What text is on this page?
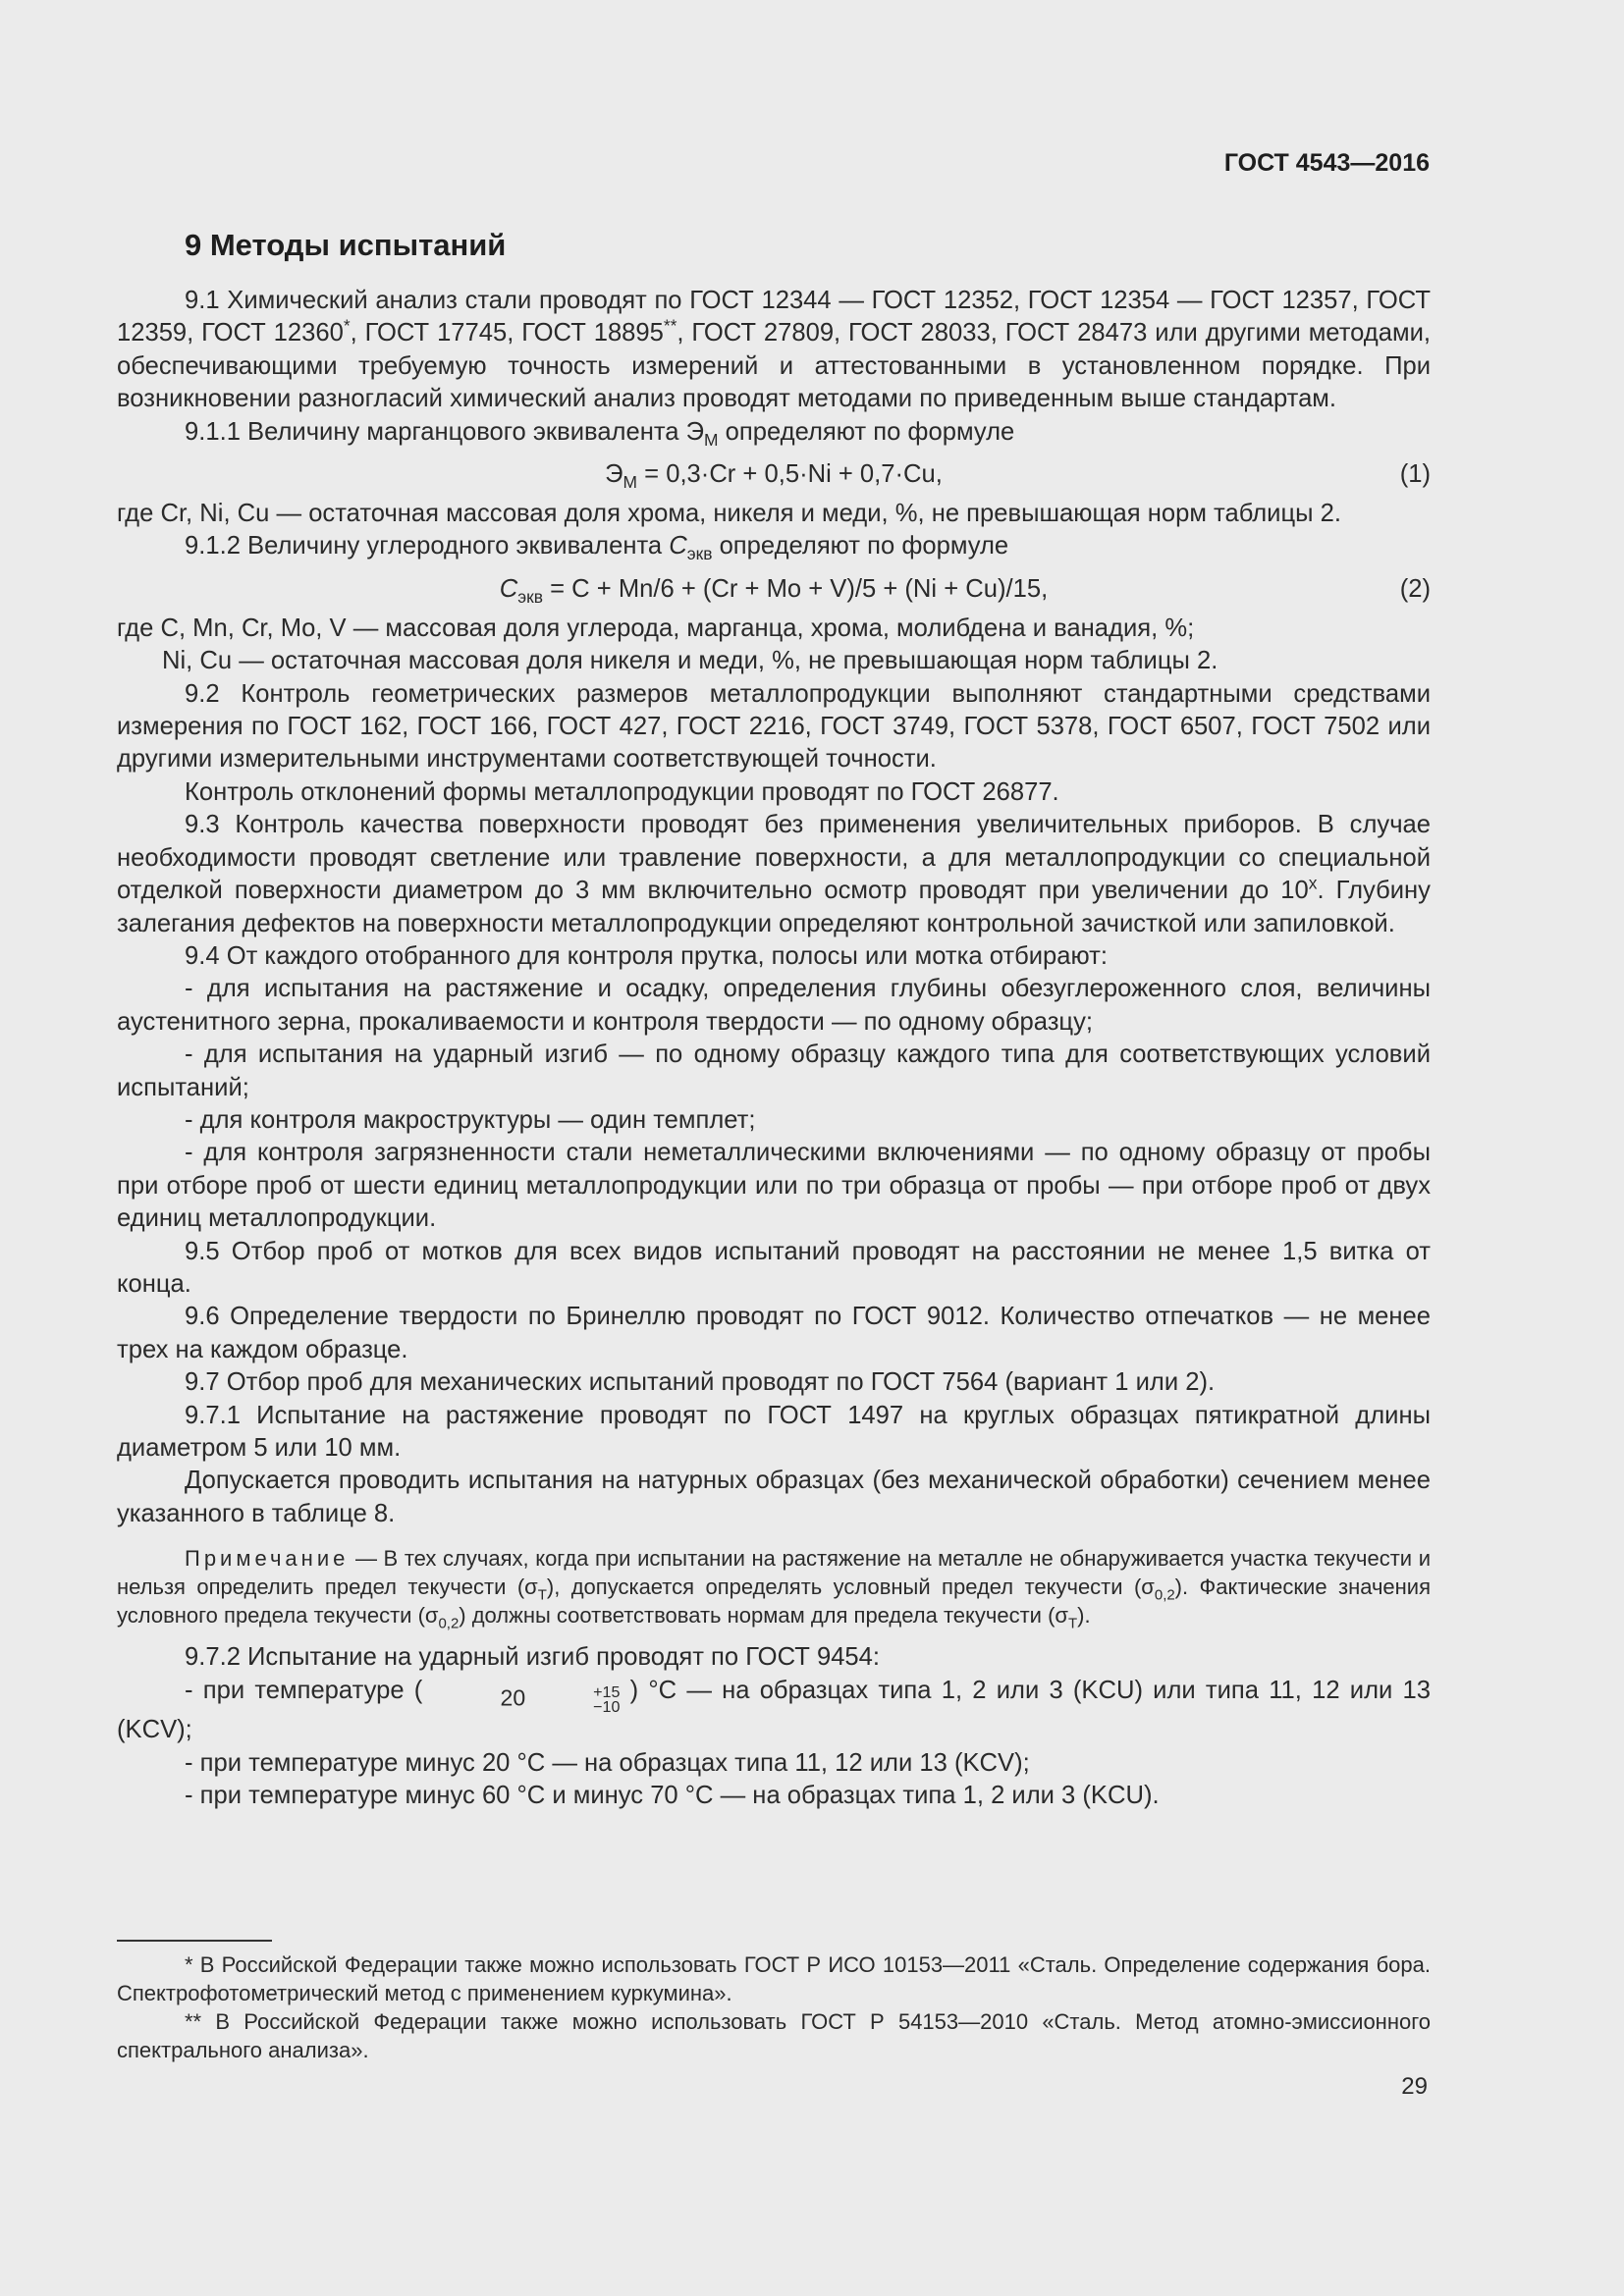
ГОСТ 4543—2016
9 Методы испытаний

9.1 Химический анализ стали проводят по ГОСТ 12344 — ГОСТ 12352, ГОСТ 12354 — ГОСТ 12357, ГОСТ 12359, ГОСТ 12360*, ГОСТ 17745, ГОСТ 18895**, ГОСТ 27809, ГОСТ 28033, ГОСТ 28473 или другими методами, обеспечивающими требуемую точность измерений и аттестованными в установленном порядке. При возникновении разногласий химический анализ проводят методами по приведенным выше стандартам.

9.1.1 Величину марганцового эквивалента $Э_М$ определяют по формуле

$Э_М = 0,3\cdot Cr + 0,5\cdot Ni + 0,7\cdot Cu$,	(1)

где Cr, Ni, Cu — остаточная массовая доля хрома, никеля и меди, %, не превышающая норм таблицы 2.

9.1.2 Величину углеродного эквивалента $C_{экв}$ определяют по формуле

$C_{экв} = C + Mn/6 + (Cr + Mo + V)/5 + (Ni + Cu)/15$,	(2)

где C, Mn, Cr, Mo, V — массовая доля углерода, марганца, хрома, молибдена и ванадия, %;

Ni, Cu — остаточная массовая доля никеля и меди, %, не превышающая норм таблицы 2.

9.2 Контроль геометрических размеров металлопродукции выполняют стандартными средствами измерения по ГОСТ 162, ГОСТ 166, ГОСТ 427, ГОСТ 2216, ГОСТ 3749, ГОСТ 5378, ГОСТ 6507, ГОСТ 7502 или другими измерительными инструментами соответствующей точности.

Контроль отклонений формы металлопродукции проводят по ГОСТ 26877.

9.3 Контроль качества поверхности проводят без применения увеличительных приборов. В случае необходимости проводят светление или травление поверхности, а для металлопродукции со специальной отделкой поверхности диаметром до 3 мм включительно осмотр проводят при увеличении до $10^х$. Глубину залегания дефектов на поверхности металлопродукции определяют контрольной зачисткой или запиловкой.

9.4 От каждого отобранного для контроля прутка, полосы или мотка отбирают:

- для испытания на растяжение и осадку, определения глубины обезуглероженного слоя, величины аустенитного зерна, прокаливаемости и контроля твердости — по одному образцу;

- для испытания на ударный изгиб — по одному образцу каждого типа для соответствующих условий испытаний;

- для контроля макроструктуры — один темплет;

- для контроля загрязненности стали неметаллическими включениями — по одному образцу от пробы при отборе проб от шести единиц металлопродукции или по три образца от пробы — при отборе проб от двух единиц металлопродукции.

9.5 Отбор проб от мотков для всех видов испытаний проводят на расстоянии не менее 1,5 витка от конца.

9.6 Определение твердости по Бринеллю проводят по ГОСТ 9012. Количество отпечатков — не менее трех на каждом образце.

9.7 Отбор проб для механических испытаний проводят по ГОСТ 7564 (вариант 1 или 2).

9.7.1 Испытание на растяжение проводят по ГОСТ 1497 на круглых образцах пятикратной длины диаметром 5 или 10 мм.

Допускается проводить испытания на натурных образцах (без механической обработки) сечением менее указанного в таблице 8.

Примечание — В тех случаях, когда при испытании на растяжение на металле не обнаруживается участка текучести и нельзя определить предел текучести $(\sigma_Т)$, допускается определять условный предел текучести $(\sigma_{0,2})$. Фактические значения условного предела текучести $(\sigma_{0,2})$ должны соответствовать нормам для предела текучести $(\sigma_Т)$.

9.7.2 Испытание на ударный изгиб проводят по ГОСТ 9454:

- при температуре (	20	+15
−10
) °C — на образцах типа 1, 2 или 3 (KCU) или типа 11, 12 или 13 (KCV);

- при температуре минус 20 °C — на образцах типа 11, 12 или 13 (KCV);

- при температуре минус 60 °C и минус 70 °C — на образцах типа 1, 2 или 3 (KCU).

* В Российской Федерации также можно использовать ГОСТ Р ИСО 10153—2011 «Сталь. Определение содержания бора. Спектрофотометрический метод с применением куркумина».

** В Российской Федерации также можно использовать ГОСТ Р 54153—2010 «Сталь. Метод атомно-эмиссионного спектрального анализа».

29
